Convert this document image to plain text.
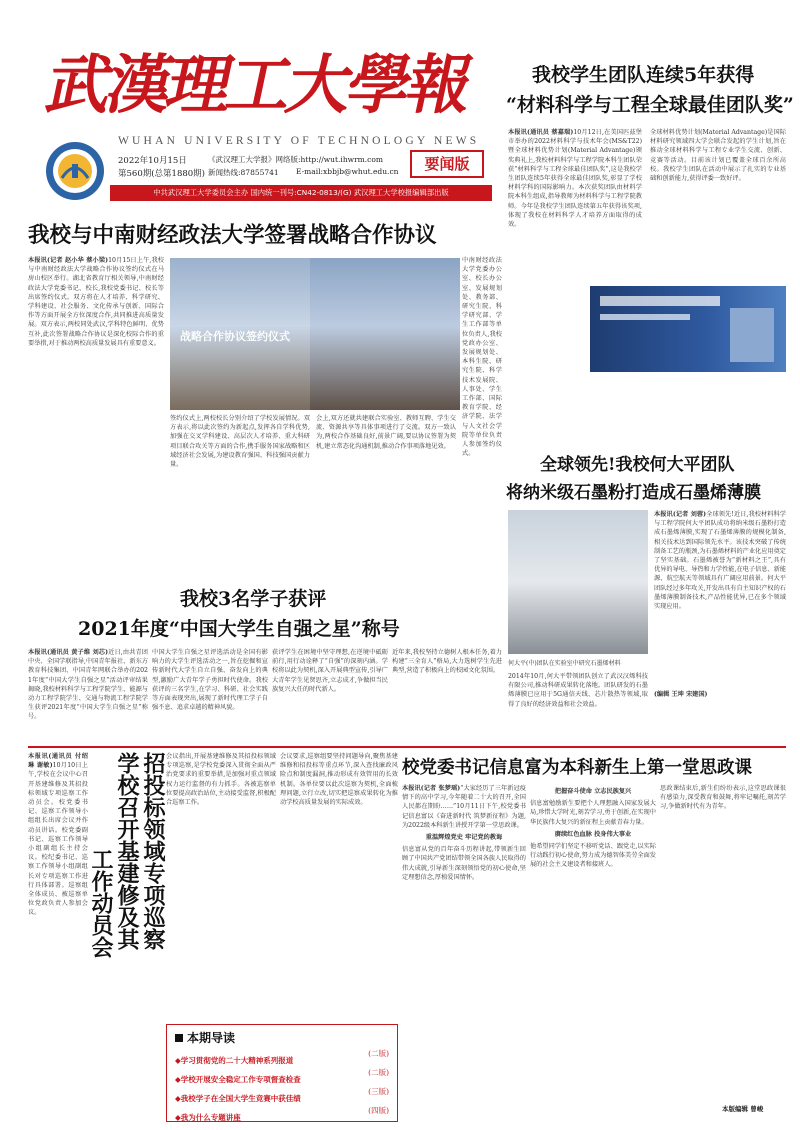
武漢理工大學報
WUHAN UNIVERSITY OF TECHNOLOGY NEWS
2022年10月15日
第560期(总第1880期)
《武汉理工大学报》网络版:http://wut.ihwrm.com
新闻热线:87855741 E-mail:xbbjb@whut.edu.cn	要闻版
中共武汉理工大学委员会主办 国内统一刊号:CN42-0813/(G) 武汉理工大学校报编辑部出版
我校学生团队连续5年获得
“材料科学与工程全球最佳团队奖”
本报讯(通讯员 蔡嘉瑞)10月12日,在美国匹兹堡市举办的2022材料科学与技术年会(MS&T22)暨全球材料优势计划(Material Advantage)颁奖典礼上,我校材料科学与工程学院本科生团队荣获“材料科学与工程全球最佳团队奖”,这是我校学生团队连续5年获得全球最佳团队奖,彰显了学校材料学科的国际影响力。本次获奖团队由材料学院本科生组成,指导教师为材料科学与工程学院教师。今年是我校学生团队连续第五年获得该奖项,体现了我校在材料科学人才培养方面取得的成效。
全球材料优势计划(Material Advantage)是国际材料研究领域四大学会联合发起的学生计划,旨在推动全球材料科学与工程专业学生交流、创新、竞赛等活动。目前该计划已覆盖全球百余所高校。我校学生团队在活动中展示了扎实的专业基础和创新能力,获得评委一致好评。
我校与中南财经政法大学签署战略合作协议
本报讯(记者 赵小华 蔡小梁)10月15日上午,我校与中南财经政法大学战略合作协议签约仪式在马房山校区举行。湖北省教育厅相关领导,中南财经政法大学党委书记、校长,我校党委书记、校长等出席签约仪式。双方将在人才培养、科学研究、学科建设、社会服务、文化传承与创新、国际合作等方面开展全方位深度合作,共同推进高质量发展。双方表示,两校同处武汉,学科特色鲜明、优势互补,此次签署战略合作协议是深化校际合作的重要举措,对于推动两校高质量发展具有重要意义。
战略合作协议签约仪式
签约仪式上,两校校长分别介绍了学校发展情况。双方表示,将以此次签约为新起点,发挥各自学科优势,加强在交叉学科建设、高层次人才培养、重大科研项目联合攻关等方面的合作,携手服务国家战略和区域经济社会发展,为建设教育强国、科技强国贡献力量。
会上,双方还就共建联合实验室、教师互聘、学生交流、资源共享等具体事项进行了交流。双方一致认为,两校合作基础良好,前景广阔,要以协议签署为契机,建立常态化沟通机制,推动合作事项落地见效。
中南财经政法大学党委办公室、校长办公室、发展规划处、教务部、研究生院、科学研究部、学生工作部等单位负责人,我校党政办公室、发展规划处、本科生院、研究生院、科学技术发展院、人事处、学生工作部、国际教育学院、经济学院、法学与人文社会学院等单位负责人参加签约仪式。
全球领先!我校何大平团队
将纳米级石墨粉打造成石墨烯薄膜
何大平(中)团队在实验室中研究石墨烯材料
本报讯(记者 刘蓉)全球领先!近日,我校材料科学与工程学院何大平团队成功将纳米级石墨粉打造成石墨烯薄膜,实现了石墨烯薄膜的规模化制备,相关技术达到国际领先水平。该技术突破了传统制备工艺的瓶颈,为石墨烯材料的产业化应用奠定了坚实基础。石墨烯被誉为“新材料之王”,具有优异的导电、导热和力学性能,在电子信息、新能源、航空航天等领域具有广阔应用前景。何大平团队经过多年攻关,开发出具有自主知识产权的石墨烯薄膜制备技术,产品性能优异,已在多个领域实现应用。
2014年10月,何大平带领团队创立了武汉汉烯科技有限公司,推动科研成果转化落地。团队研发的石墨烯薄膜已应用于5G通信天线、芯片散热等领域,取得了良好的经济效益和社会效益。
(编辑 王坤 宋建国)
我校3名学子获评
2021年度“中国大学生自强之星”称号
本报讯(通讯员 黄子维 刘芯)近日,由共青团中央、全国学联指导,中国青年报社、新东方教育科技集团、中国青年网联合举办的2021年度“中国大学生自强之星”活动评审结果揭晓,我校材料科学与工程学院学生、能源与动力工程学院学生、交通与物流工程学院学生获评2021年度“中国大学生自强之星”称号。
中国大学生自强之星评选活动是全国有影响力的大学生评选活动之一,旨在挖掘和宣传新时代大学生自立自强、奋发向上的典型,激励广大青年学子勇担时代使命。我校获评的三名学生,在学习、科研、社会实践等方面表现突出,展现了新时代理工学子自强不息、追求卓越的精神风貌。
获评学生在困境中坚守理想,在逆境中砥砺前行,用行动诠释了“自强”的深刻内涵。学校将以此为契机,深入开展典型宣传,引导广大青年学生见贤思齐,立志成才,争做担当民族复兴大任的时代新人。
近年来,我校坚持立德树人根本任务,着力构建“三全育人”格局,大力选树学生先进典型,营造了积极向上的校园文化氛围。
本报讯(通讯员 付绍琳 谢敏)10月10日上午,学校在会议中心召开基建维修及其招投标领域专项巡察工作动员会。校党委书记、巡察工作领导小组组长出席会议并作动员讲话。校党委副书记、巡察工作领导小组副组长主持会议。校纪委书记、巡察工作领导小组副组长对专项巡察工作进行具体部署。巡察组全体成员、被巡察单位党政负责人参加会议。	招投标领域专项巡察
学校召开基建修及其
工作动员会
会议指出,开展基建维修及其招投标领域专项巡察,是学校党委深入贯彻全面从严治党要求的重要举措,是加强对重点领域权力运行监督的有力抓手。各被巡察单位要提高政治站位,主动接受监督,积极配合巡察工作。
会议要求,巡察组要坚持问题导向,聚焦基建维修和招投标等重点环节,深入查找廉政风险点和制度漏洞,推动形成有效管用的长效机制。各单位要以此次巡察为契机,全面梳理问题,立行立改,切实把巡察成果转化为推动学校高质量发展的实际成效。
校党委书记信息富为本科新生上第一堂思政课
本报讯(记者 张梦瑶)“大家经历了三年新冠疫情下的高中学习,今年随着二十大的召开,全国人民都在期盼……”10月11日下午,校党委书记信息富以《奋进新时代 筑梦新征程》为题,为2022级本科新生讲授开学第一堂思政课。
重温辉煌党史 牢记党的教诲
信息富从党的百年奋斗历程讲起,带领新生回顾了中国共产党团结带领全国各族人民取得的伟大成就,引导新生深刻领悟党的初心使命,坚定理想信念,厚植爱国情怀。
把握奋斗使命 立志民族复兴
信息富勉励新生要把个人理想融入国家发展大局,珍惜大学时光,刻苦学习,勇于创新,在实现中华民族伟大复兴的新征程上贡献青春力量。
赓续红色血脉 投身伟大事业
他希望同学们坚定不移听党话、跟党走,以实际行动践行初心使命,努力成为德智体美劳全面发展的社会主义建设者和接班人。
思政课结束后,新生们纷纷表示,这堂思政课很有感染力,深受教育和鼓舞,将牢记嘱托,刻苦学习,争做新时代有为青年。
本版编辑 曾峻
本期导读
◆学习贯彻党的二十大精神系列报道
(二版)
◆学校开展安全稳定工作专项督查检查
(二版)
◆我校学子在全国大学生竞赛中获佳绩
(三版)
◆我为什么专题讲座
(四版)
